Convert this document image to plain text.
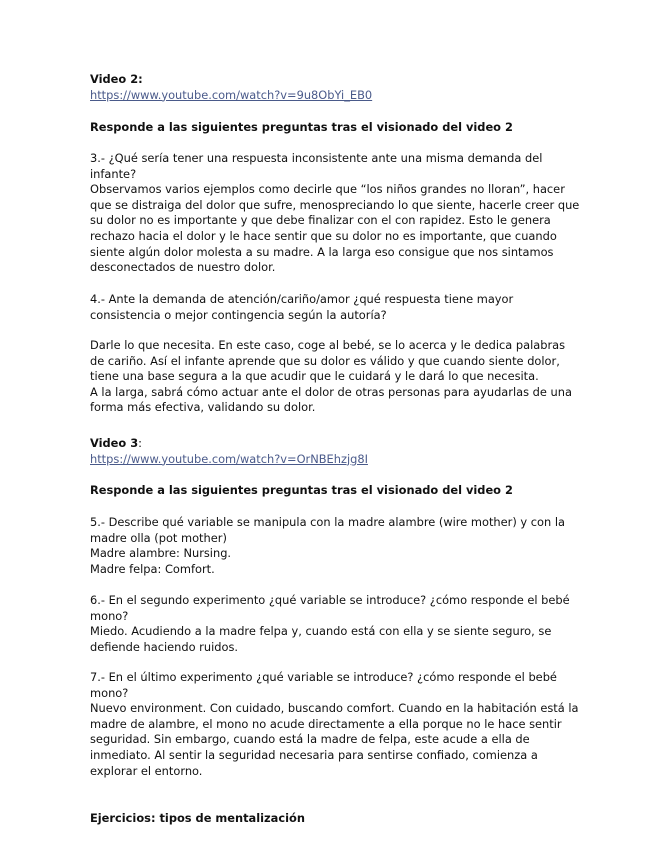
Video 2:

https://www.youtube.com/watch?v=9u8ObYi_EB0

Responde a las siguientes preguntas tras el visionado del video 2

3.- ¿Qué sería tener una respuesta inconsistente ante una misma demanda del infante?

Observamos varios ejemplos como decirle que “los niños grandes no lloran”, hacer que se distraiga del dolor que sufre, menospreciando lo que siente, hacerle creer que su dolor no es importante y que debe finalizar con el con rapidez. Esto le genera rechazo hacia el dolor y le hace sentir que su dolor no es importante, que cuando siente algún dolor molesta a su madre. A la larga eso consigue que nos sintamos desconectados de nuestro dolor.

4.- Ante la demanda de atención/cariño/amor ¿qué respuesta tiene mayor consistencia o mejor contingencia según la autoría?

Darle lo que necesita. En este caso, coge al bebé, se lo acerca y le dedica palabras de cariño. Así el infante aprende que su dolor es válido y que cuando siente dolor, tiene una base segura a la que acudir que le cuidará y le dará lo que necesita.

A la larga, sabrá cómo actuar ante el dolor de otras personas para ayudarlas de una forma más efectiva, validando su dolor.

Video 3:

https://www.youtube.com/watch?v=OrNBEhzjg8I

Responde a las siguientes preguntas tras el visionado del video 2

5.- Describe qué variable se manipula con la madre alambre (wire mother) y con la madre olla (pot mother)

Madre alambre: Nursing.

Madre felpa: Comfort.

6.- En el segundo experimento ¿qué variable se introduce? ¿cómo responde el bebé mono?

Miedo. Acudiendo a la madre felpa y, cuando está con ella y se siente seguro, se defiende haciendo ruidos.

7.- En el último experimento ¿qué variable se introduce? ¿cómo responde el bebé mono?

Nuevo environment. Con cuidado, buscando comfort. Cuando en la habitación está la madre de alambre, el mono no acude directamente a ella porque no le hace sentir seguridad. Sin embargo, cuando está la madre de felpa, este acude a ella de inmediato. Al sentir la seguridad necesaria para sentirse confiado, comienza a explorar el entorno.

Ejercicios: tipos de mentalización
